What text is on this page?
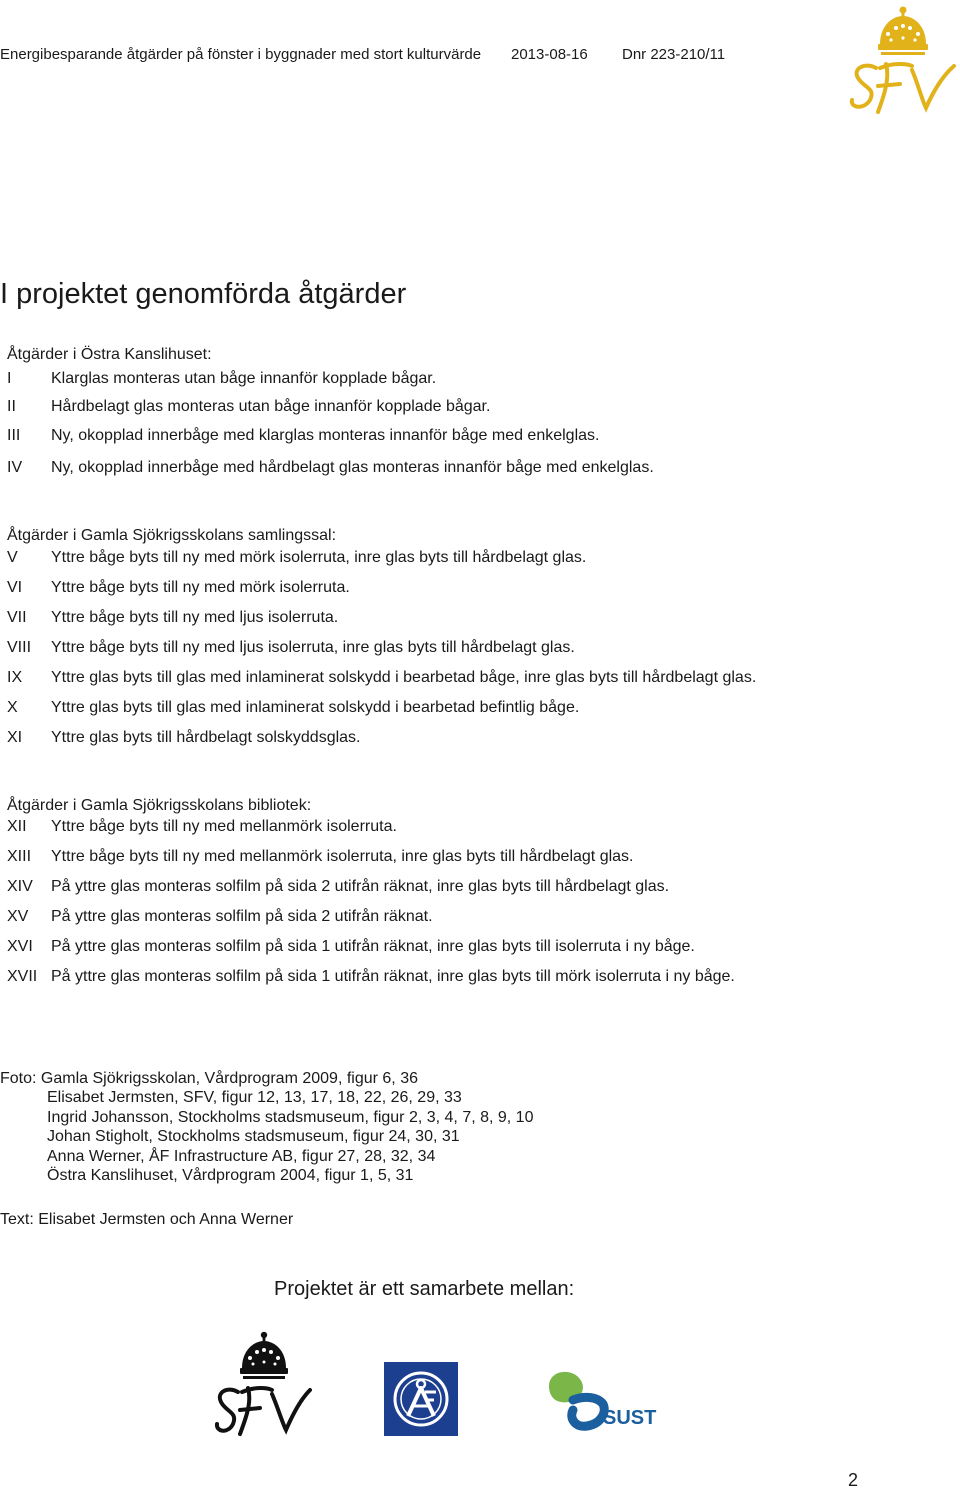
Energibesparande åtgärder på fönster i byggnader med stort kulturvärde 2013-08-16 Dnr 223-210/11
I projektet genomförda åtgärder
Åtgärder i Östra Kanslihuset:
I Klarglas monteras utan båge innanför kopplade bågar.
II Hårdbelagt glas monteras utan båge innanför kopplade bågar.
III Ny, okopplad innerbåge med klarglas monteras innanför båge med enkelglas.
IV Ny, okopplad innerbåge med hårdbelagt glas monteras innanför båge med enkelglas.
Åtgärder i Gamla Sjökrigsskolans samlingssal:
V Yttre båge byts till ny med mörk isolerruta, inre glas byts till hårdbelagt glas.
VI Yttre båge byts till ny med mörk isolerruta.
VII Yttre båge byts till ny med ljus isolerruta.
VIII Yttre båge byts till ny med ljus isolerruta, inre glas byts till hårdbelagt glas.
IX Yttre glas byts till glas med inlaminerat solskydd i bearbetad båge, inre glas byts till hårdbelagt glas.
X Yttre glas byts till glas med inlaminerat solskydd i bearbetad befintlig båge.
XI Yttre glas byts till hårdbelagt solskyddsglas.
Åtgärder i Gamla Sjökrigsskolans bibliotek:
XII Yttre båge byts till ny med mellanmörk isolerruta.
XIII Yttre båge byts till ny med mellanmörk isolerruta, inre glas byts till hårdbelagt glas.
XIV På yttre glas monteras solfilm på sida 2 utifrån räknat, inre glas byts till hårdbelagt glas.
XV På yttre glas monteras solfilm på sida 2 utifrån räknat.
XVI På yttre glas monteras solfilm på sida 1 utifrån räknat, inre glas byts till isolerruta i ny båge.
XVII På yttre glas monteras solfilm på sida 1 utifrån räknat, inre glas byts till mörk isolerruta i ny båge.
Foto: Gamla Sjökrigsskolan, Vårdprogram 2009, figur 6, 36
Elisabet Jermsten, SFV, figur 12, 13, 17, 18, 22, 26, 29, 33
Ingrid Johansson, Stockholms stadsmuseum, figur 2, 3, 4, 7, 8, 9, 10
Johan Stigholt, Stockholms stadsmuseum, figur 24, 30, 31
Anna Werner, ÅF Infrastructure AB, figur 27, 28, 32, 34
Östra Kanslihuset, Vårdprogram 2004, figur 1, 5, 31
Text: Elisabet Jermsten och Anna Werner
Projektet är ett samarbete mellan:
SUST
2
